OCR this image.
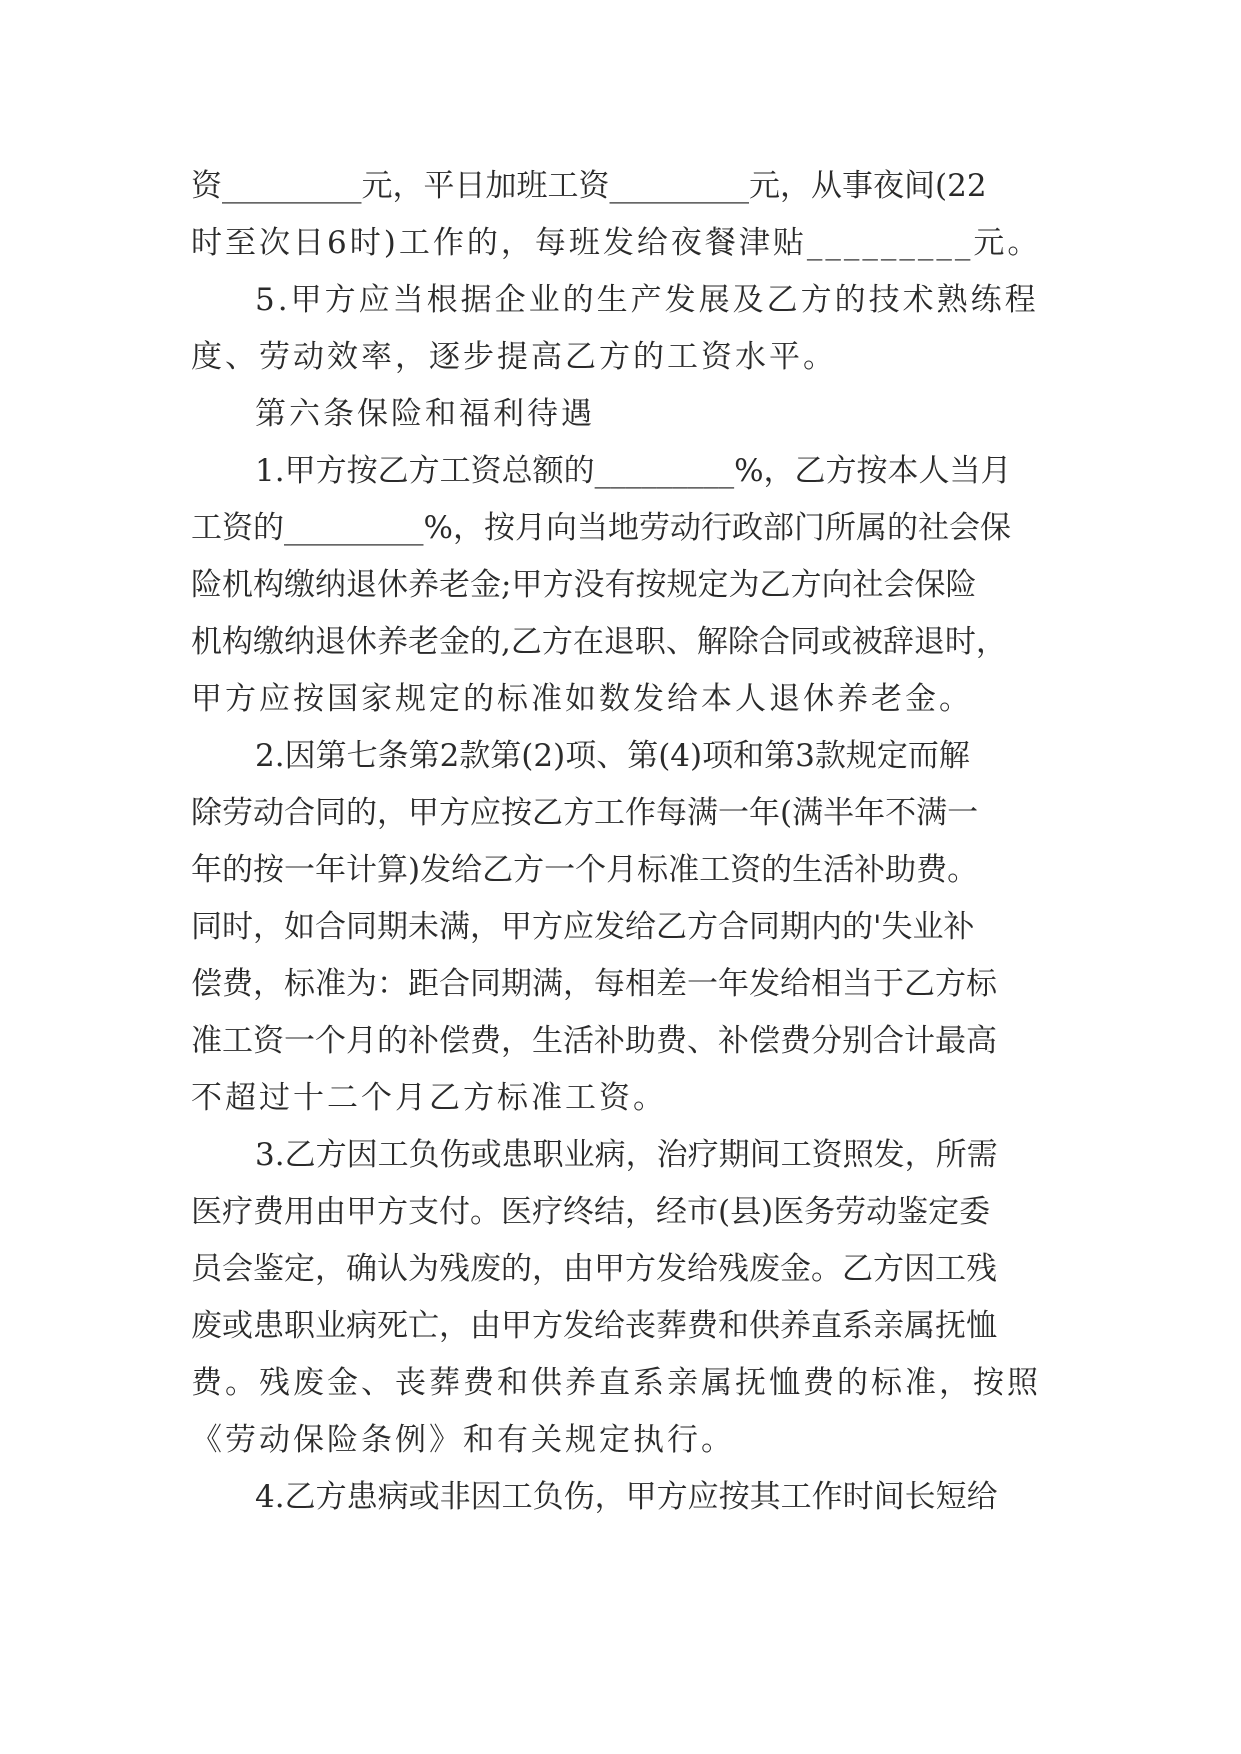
资_________元，平日加班工资_________元，从事夜间(22
时至次日6时)工作的，每班发给夜餐津贴_________元。
5.甲方应当根据企业的生产发展及乙方的技术熟练程
度、劳动效率，逐步提高乙方的工资水平。
第六条保险和福利待遇
1.甲方按乙方工资总额的_________%，乙方按本人当月
工资的_________%，按月向当地劳动行政部门所属的社会保
险机构缴纳退休养老金;甲方没有按规定为乙方向社会保险
机构缴纳退休养老金的,乙方在退职、解除合同或被辞退时，
甲方应按国家规定的标准如数发给本人退休养老金。
2.因第七条第2款第(2)项、第(4)项和第3款规定而解
除劳动合同的，甲方应按乙方工作每满一年(满半年不满一
年的按一年计算)发给乙方一个月标准工资的生活补助费。
同时，如合同期未满，甲方应发给乙方合同期内的'失业补
偿费，标准为：距合同期满，每相差一年发给相当于乙方标
准工资一个月的补偿费，生活补助费、补偿费分别合计最高
不超过十二个月乙方标准工资。
3.乙方因工负伤或患职业病，治疗期间工资照发，所需
医疗费用由甲方支付。医疗终结，经市(县)医务劳动鉴定委
员会鉴定，确认为残废的，由甲方发给残废金。乙方因工残
废或患职业病死亡，由甲方发给丧葬费和供养直系亲属抚恤
费。残废金、丧葬费和供养直系亲属抚恤费的标准，按照
《劳动保险条例》和有关规定执行。
4.乙方患病或非因工负伤，甲方应按其工作时间长短给
